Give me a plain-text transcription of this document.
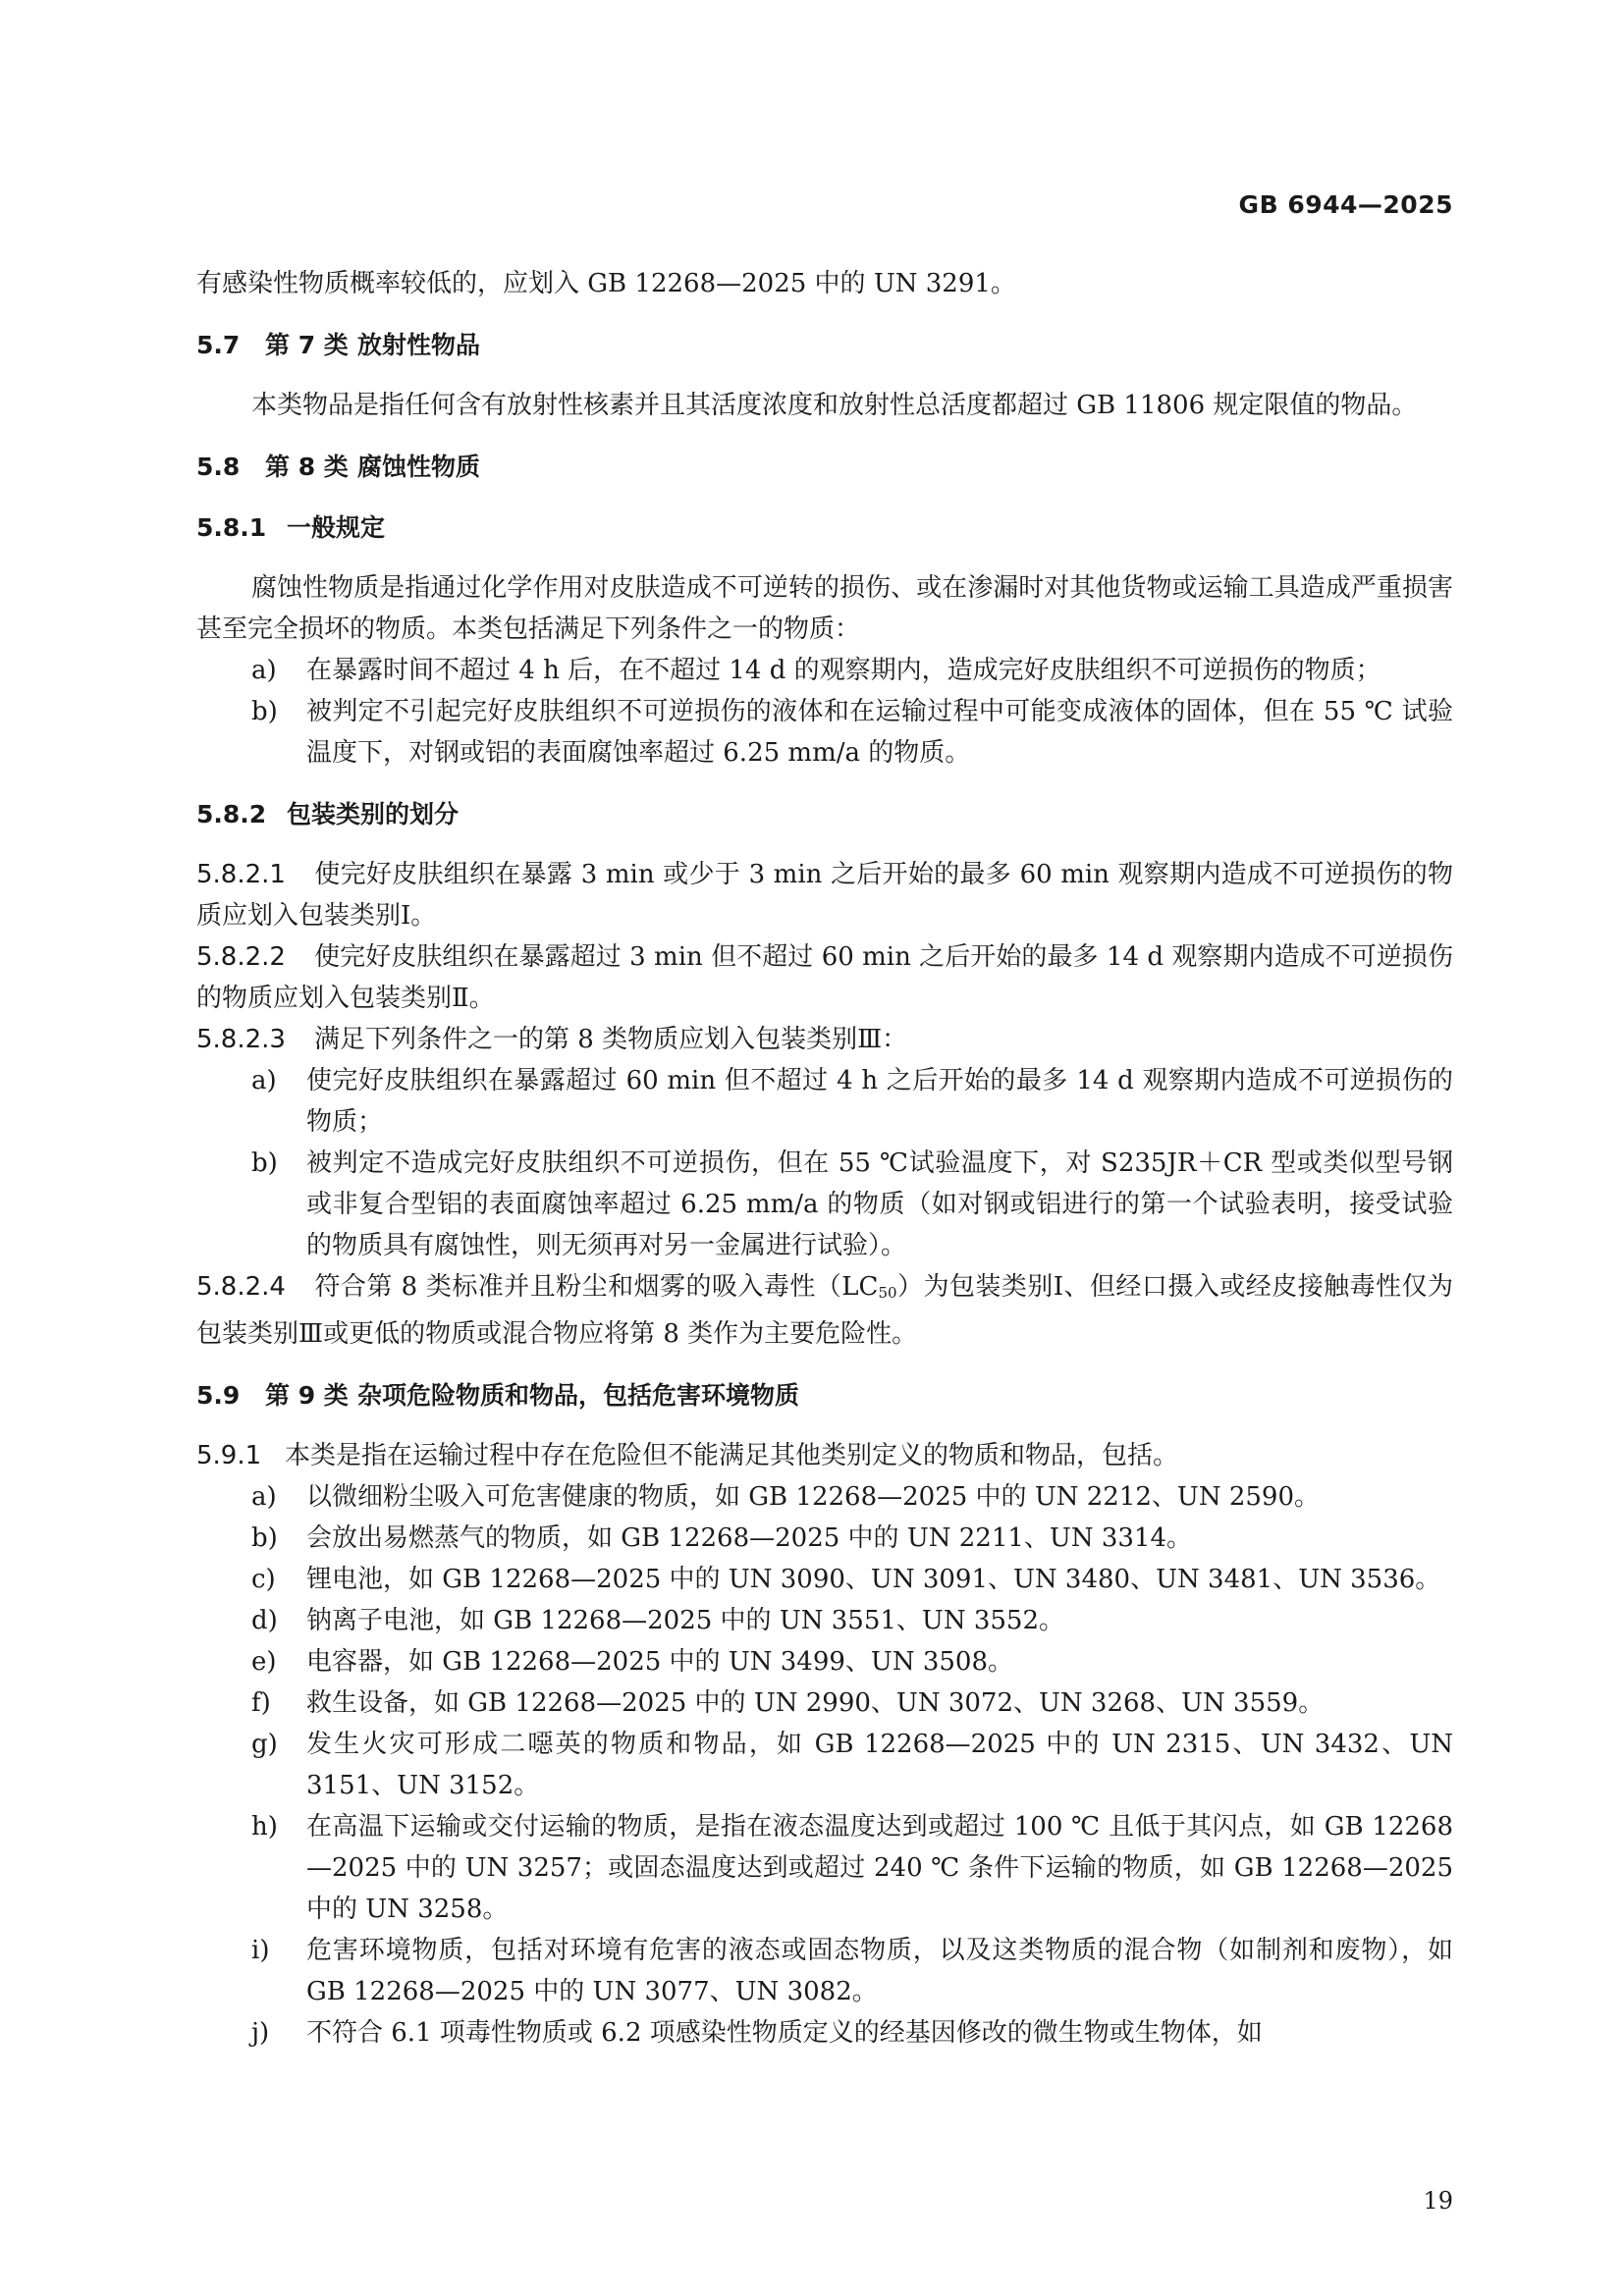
GB 6944—2025

有感染性物质概率较低的，应划入 GB 12268—2025 中的 UN 3291。

5.7 第 7 类 放射性物品

本类物品是指任何含有放射性核素并且其活度浓度和放射性总活度都超过 GB 11806 规定限值的物品。

5.8 第 8 类 腐蚀性物质
5.8.1 一般规定

腐蚀性物质是指通过化学作用对皮肤造成不可逆转的损伤、或在渗漏时对其他货物或运输工具造成严重损害甚至完全损坏的物质。本类包括满足下列条件之一的物质：

a) 在暴露时间不超过 4 h 后，在不超过 14 d 的观察期内，造成完好皮肤组织不可逆损伤的物质；

b) 被判定不引起完好皮肤组织不可逆损伤的液体和在运输过程中可能变成液体的固体，但在 55 ℃ 试验温度下，对钢或铝的表面腐蚀率超过 6.25 mm/a 的物质。

5.8.2 包装类别的划分

5.8.2.1 使完好皮肤组织在暴露 3 min 或少于 3 min 之后开始的最多 60 min 观察期内造成不可逆损伤的物质应划入包装类别Ⅰ。

5.8.2.2 使完好皮肤组织在暴露超过 3 min 但不超过 60 min 之后开始的最多 14 d 观察期内造成不可逆损伤的物质应划入包装类别Ⅱ。

5.8.2.3 满足下列条件之一的第 8 类物质应划入包装类别Ⅲ：

a) 使完好皮肤组织在暴露超过 60 min 但不超过 4 h 之后开始的最多 14 d 观察期内造成不可逆损伤的物质；

b) 被判定不造成完好皮肤组织不可逆损伤，但在 55 ℃试验温度下，对 S235JR＋CR 型或类似型号钢或非复合型铝的表面腐蚀率超过 6.25 mm/a 的物质（如对钢或铝进行的第一个试验表明，接受试验的物质具有腐蚀性，则无须再对另一金属进行试验）。

5.8.2.4 符合第 8 类标准并且粉尘和烟雾的吸入毒性$(LC_{50})$为包装类别Ⅰ、但经口摄入或经皮接触毒性仅为包装类别Ⅲ或更低的物质或混合物应将第 8 类作为主要危险性。

5.9 第 9 类 杂项危险物质和物品，包括危害环境物质

5.9.1 本类是指在运输过程中存在危险但不能满足其他类别定义的物质和物品，包括。

a) 以微细粉尘吸入可危害健康的物质，如 GB 12268—2025 中的 UN 2212、UN 2590。

b) 会放出易燃蒸气的物质，如 GB 12268—2025 中的 UN 2211、UN 3314。

c) 锂电池，如 GB 12268—2025 中的 UN 3090、UN 3091、UN 3480、UN 3481、UN 3536。

d) 钠离子电池，如 GB 12268—2025 中的 UN 3551、UN 3552。

e) 电容器，如 GB 12268—2025 中的 UN 3499、UN 3508。

f) 救生设备，如 GB 12268—2025 中的 UN 2990、UN 3072、UN 3268、UN 3559。

g) 发生火灾可形成二噁英的物质和物品，如 GB 12268—2025 中的 UN 2315、UN 3432、UN 3151、UN 3152。

h) 在高温下运输或交付运输的物质，是指在液态温度达到或超过 100 ℃ 且低于其闪点，如 GB 12268—2025 中的 UN 3257；或固态温度达到或超过 240 ℃ 条件下运输的物质，如 GB 12268—2025 中的 UN 3258。

i) 危害环境物质，包括对环境有危害的液态或固态物质，以及这类物质的混合物（如制剂和废物），如 GB 12268—2025 中的 UN 3077、UN 3082。

j) 不符合 6.1 项毒性物质或 6.2 项感染性物质定义的经基因修改的微生物或生物体，如

19
